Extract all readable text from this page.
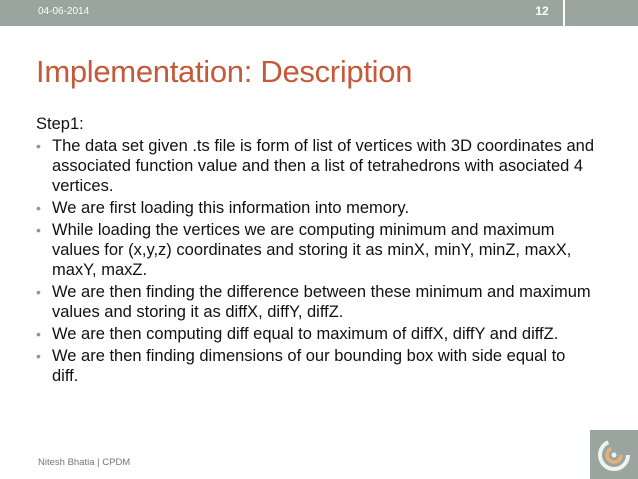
04-06-2014	12
Implementation: Description
Step1:
• The data set given .ts file is form of list of vertices with 3D coordinates and associated function value and then a list of tetrahedrons with asociated 4 vertices.
• We are first loading this information into memory.
• While loading the vertices we are computing minimum and maximum values for (x,y,z) coordinates and storing it as minX, minY, minZ, maxX, maxY, maxZ.
• We are then finding the difference between these minimum and maximum values and storing it as diffX, diffY, diffZ.
• We are then computing diff equal to maximum of diffX, diffY and diffZ.
• We are then finding dimensions of our bounding box with side equal to diff.
Nitesh Bhatia | CPDM
